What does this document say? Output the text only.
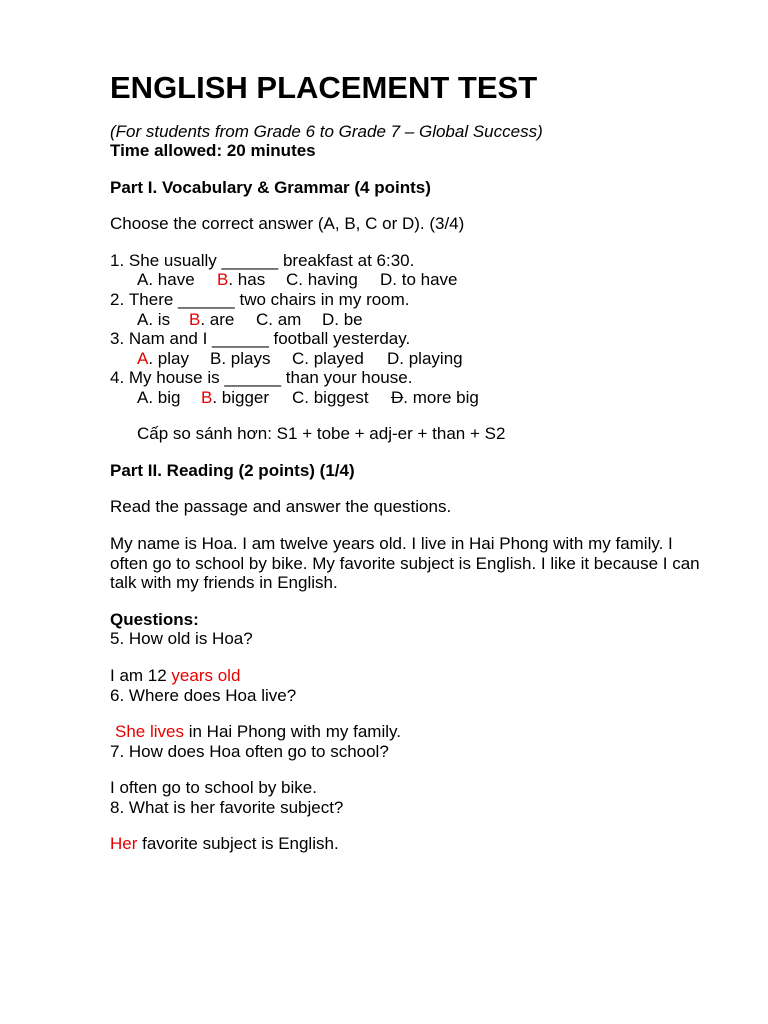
ENGLISH PLACEMENT TEST
(For students from Grade 6 to Grade 7 – Global Success)
Time allowed: 20 minutes
Part I. Vocabulary & Grammar (4 points)
Choose the correct answer (A, B, C or D). (3/4)
1. She usually ______ breakfast at 6:30.
A. have B. has C. having D. to have
2. There ______ two chairs in my room.
A. is B. are C. am D. be
3. Nam and I ______ football yesterday.
A. play B. plays C. played D. playing
4. My house is ______ than your house.
A. big B. bigger C. biggest D. more big
Cấp so sánh hơn: S1 + tobe + adj-er + than + S2
Part II. Reading (2 points) (1/4)
Read the passage and answer the questions.
My name is Hoa. I am twelve years old. I live in Hai Phong with my family. I often go to school by bike. My favorite subject is English. I like it because I can talk with my friends in English.
Questions:
5. How old is Hoa?
I am 12 years old
6. Where does Hoa live?
She lives in Hai Phong with my family.
7. How does Hoa often go to school?
I often go to school by bike.
8. What is her favorite subject?
Her favorite subject is English.
